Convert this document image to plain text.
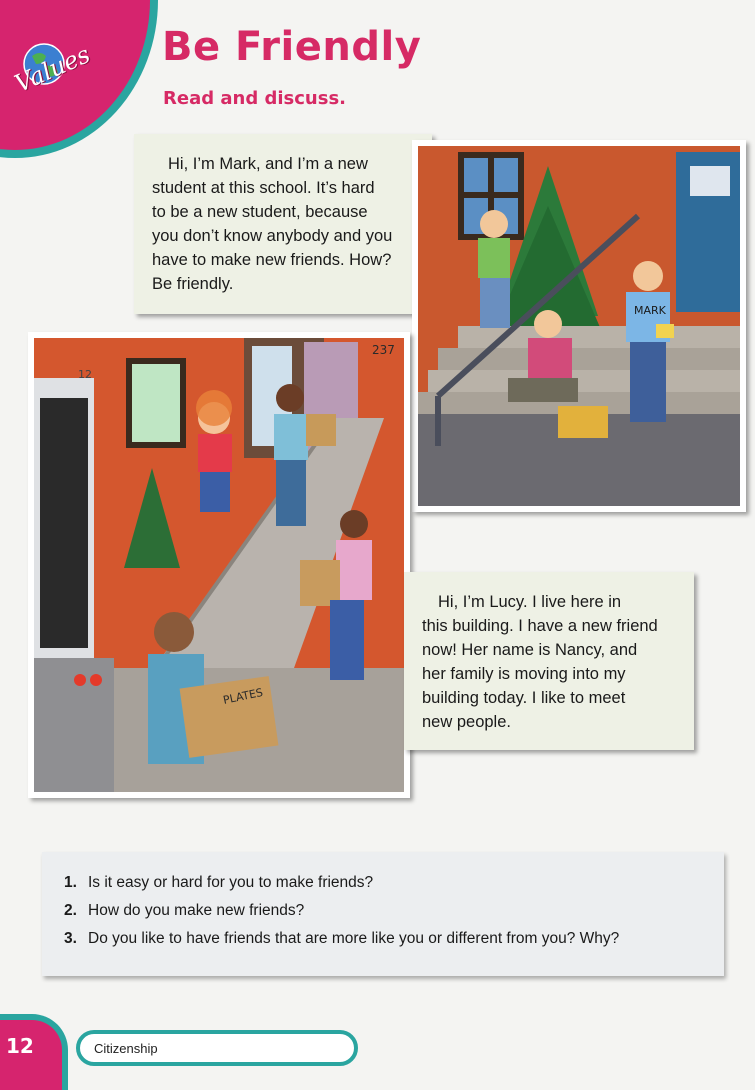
Values Be Friendly
Read and discuss.

Hi, I’m Mark, and I’m a new
student at this school. It’s hard
to be a new student, because
you don’t know anybody and you
have to make new friends. How?
Be friendly.

MARK
12
237
PLATES

Hi, I’m Lucy. I live here in
this building. I have a new friend
now! Her name is Nancy, and
her family is moving into my
building today. I like to meet
new people.

1. Is it easy or hard for you to make friends?
2. How do you make new friends?
3. Do you like to have friends that are more like you or different from you? Why?
12	Citizenship
